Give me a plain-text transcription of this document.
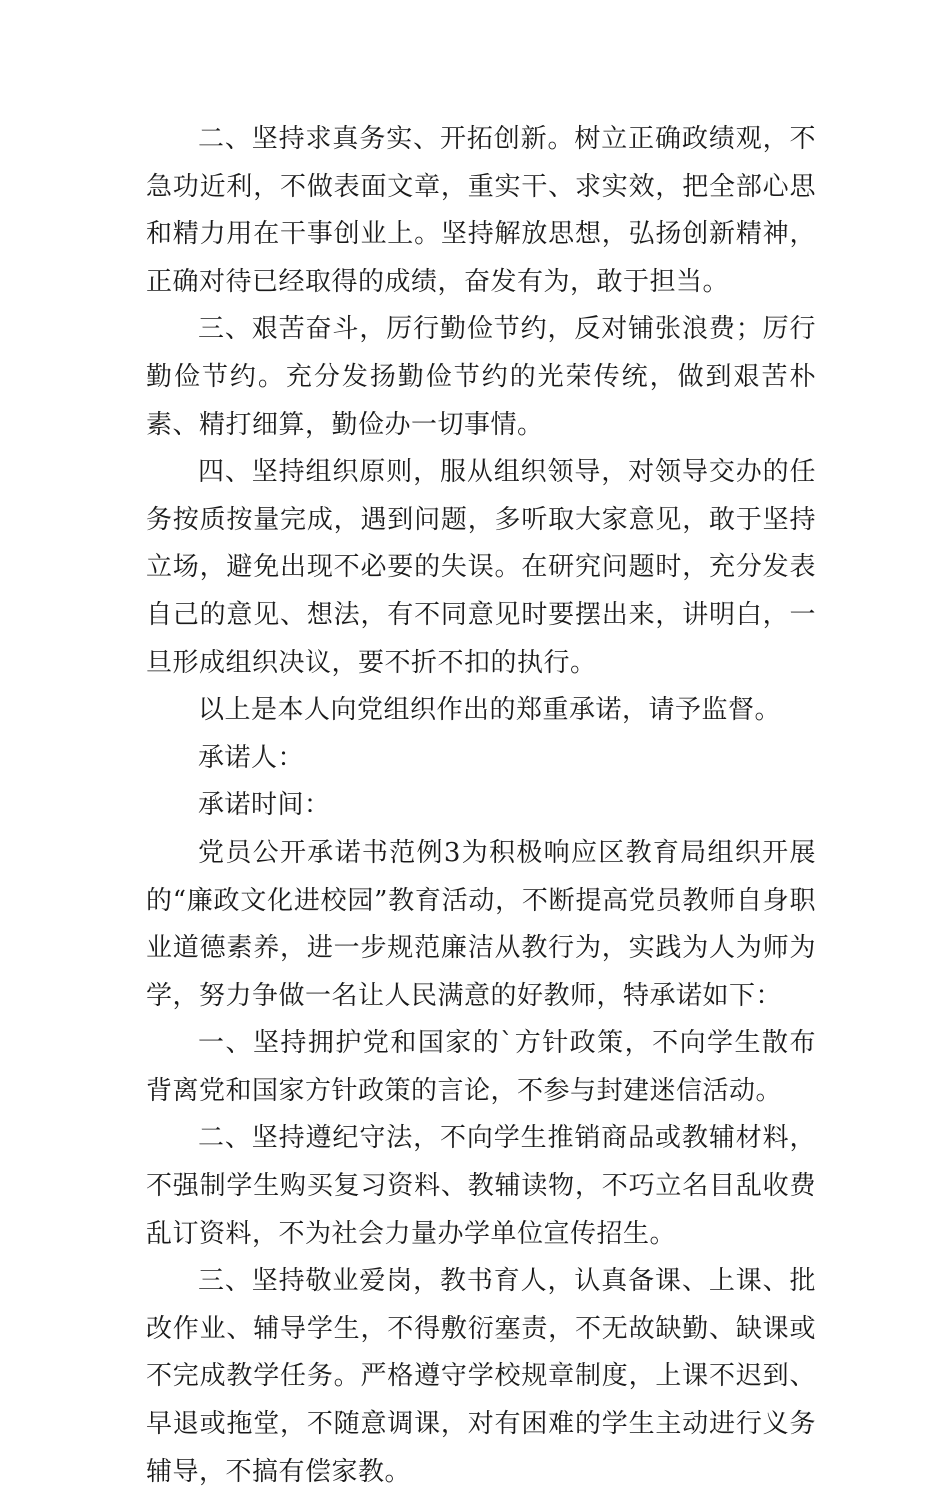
二、坚持求真务实、开拓创新。树立正确政绩观，不急功近利，不做表面文章，重实干、求实效，把全部心思和精力用在干事创业上。坚持解放思想，弘扬创新精神，正确对待已经取得的成绩，奋发有为，敢于担当。

三、艰苦奋斗，厉行勤俭节约，反对铺张浪费；厉行勤俭节约。充分发扬勤俭节约的光荣传统，做到艰苦朴素、精打细算，勤俭办一切事情。

四、坚持组织原则，服从组织领导，对领导交办的任务按质按量完成，遇到问题，多听取大家意见，敢于坚持立场，避免出现不必要的失误。在研究问题时，充分发表自己的意见、想法，有不同意见时要摆出来，讲明白，一旦形成组织决议，要不折不扣的执行。

以上是本人向党组织作出的郑重承诺，请予监督。

承诺人：

承诺时间：

党员公开承诺书范例3为积极响应区教育局组织开展的“廉政文化进校园”教育活动，不断提高党员教师自身职业道德素养，进一步规范廉洁从教行为，实践为人为师为学，努力争做一名让人民满意的好教师，特承诺如下：

一、坚持拥护党和国家的`方针政策，不向学生散布背离党和国家方针政策的言论，不参与封建迷信活动。

二、坚持遵纪守法，不向学生推销商品或教辅材料，不强制学生购买复习资料、教辅读物，不巧立名目乱收费乱订资料，不为社会力量办学单位宣传招生。

三、坚持敬业爱岗，教书育人，认真备课、上课、批改作业、辅导学生，不得敷衍塞责，不无故缺勤、缺课或不完成教学任务。严格遵守学校规章制度，上课不迟到、早退或拖堂，不随意调课，对有困难的学生主动进行义务辅导，不搞有偿家教。
